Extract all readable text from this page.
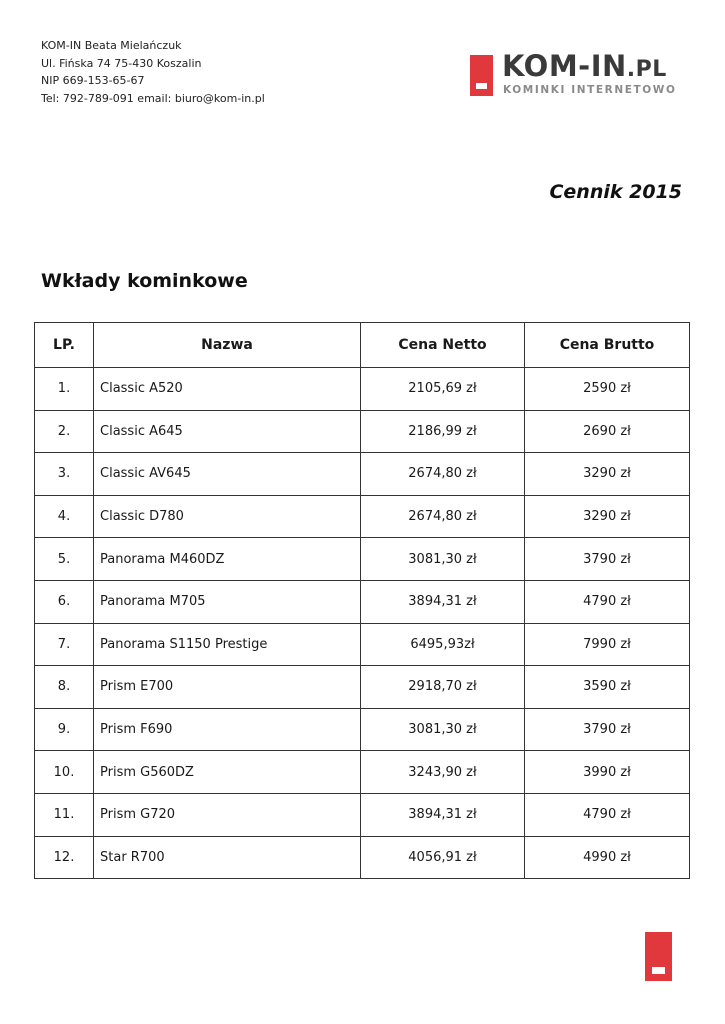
KOM-IN Beata Mielańczuk
Ul. Fińska 74 75-430 Koszalin
NIP 669-153-65-67
Tel: 792-789-091 email: biuro@kom-in.pl
KOM-IN.PL
KOMINKI INTERNETOWO
Cennik 2015
Wkłady kominkowe
LP.	Nazwa	Cena Netto	Cena Brutto
1.	Classic A520	2105,69 zł	2590 zł
2.	Classic A645	2186,99 zł	2690 zł
3.	Classic AV645	2674,80 zł	3290 zł
4.	Classic D780	2674,80 zł	3290 zł
5.	Panorama M460DZ	3081,30 zł	3790 zł
6.	Panorama M705	3894,31 zł	4790 zł
7.	Panorama S1150 Prestige	6495,93zł	7990 zł
8.	Prism E700	2918,70 zł	3590 zł
9.	Prism F690	3081,30 zł	3790 zł
10.	Prism G560DZ	3243,90 zł	3990 zł
11.	Prism G720	3894,31 zł	4790 zł
12.	Star R700	4056,91 zł	4990 zł
